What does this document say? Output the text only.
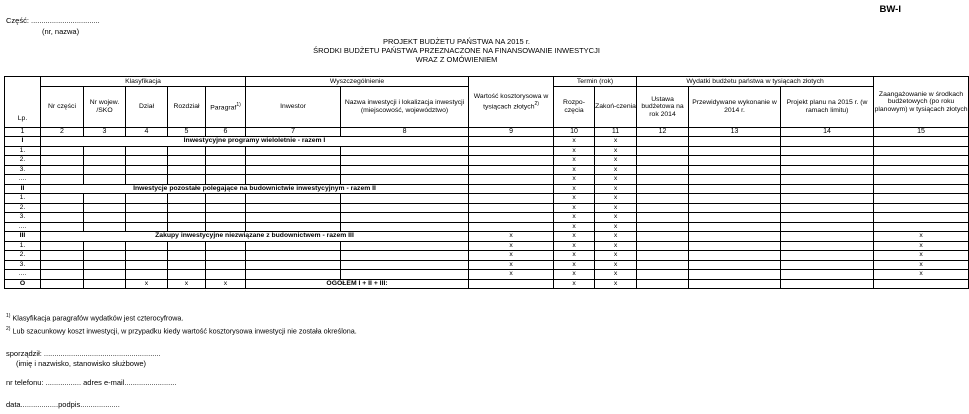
Część: .................................
(nr, nazwa)
BW-I
PROJEKT BUDŻETU PAŃSTWA NA 2015 r.
ŚRODKI BUDŻETU PAŃSTWA PRZEZNACZONE NA FINANSOWANIE INWESTYCJI
WRAZ Z OMÓWIENIEM
Lp.	Klasyfikacja					Wyszczególnienie		Wartość kosztorysowa w tysiącach złotych$^{2)}$	Termin (rok)		Wydatki budżetu państwa w tysiącach złotych			Zaangażowanie w środkach budżetowych (po roku planowym) w tysiącach złotych
	Nr części	Nr wojew. /SKO	Dział	Rozdział	Paragraf$^{1)}$	Inwestor	Nazwa inwestycji i lokalizacja inwestycji (miejscowość, województwo)		Rozpo-częcia	Zakoń-czenia	Ustawa budżetowa na rok 2014	Przewidywane wykonanie w 2014 r.	Projekt planu na 2015 r. (w ramach limitu)	
1	2	3	4	5	6	7	8	9	10	11	12	13	14	15
I	Inwestycyjne programy wieloletnie - razem I								x	x				
1.									x	x				
2.									x	x				
3.									x	x				
....									x	x				
II	Inwestycje pozostałe polegające na budownictwie inwestycyjnym - razem II								x	x				
1.									x	x				
2.									x	x				
3.									x	x				
....									x	x				
III	Zakupy inwestycyjne niezwiązane z budownictwem - razem III							x	x	x				x
1.								x	x	x				x
2.								x	x	x				x
3.								x	x	x				x
....								x	x	x				x
O			x	x	x	OGÓŁEM I + II + III:			x	x				
$^{1)}$ Klasyfikacja paragrafów wydatków jest czterocyfrowa.
$^{2)}$ Lub szacunkowy koszt inwestycji, w przypadku kiedy wartość kosztorysowa inwestycji nie została określona.
sporządził: ........................................................
(imię i nazwisko, stanowisko służbowe)
nr telefonu: ................. adres e-mail.........................
data..................podpis...................
